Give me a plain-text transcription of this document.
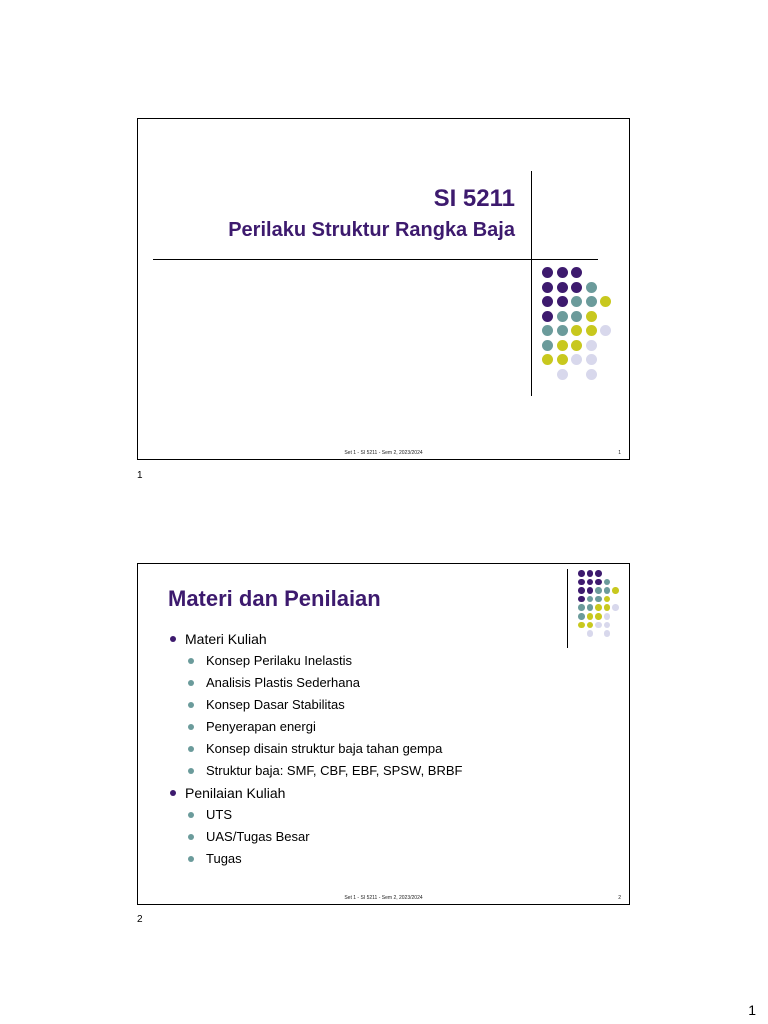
SI 5211
Perilaku Struktur Rangka Baja
Set 1 - SI 5211 - Sem 2, 2023/2024	1
1
Materi dan Penilaian
Materi Kuliah
Konsep Perilaku Inelastis
Analisis Plastis Sederhana
Konsep Dasar Stabilitas
Penyerapan energi
Konsep disain struktur baja tahan gempa
Struktur baja: SMF, CBF, EBF, SPSW, BRBF
Penilaian Kuliah
UTS
UAS/Tugas Besar
Tugas
Set 1 - SI 5211 - Sem 2, 2023/2024	2
2
1
